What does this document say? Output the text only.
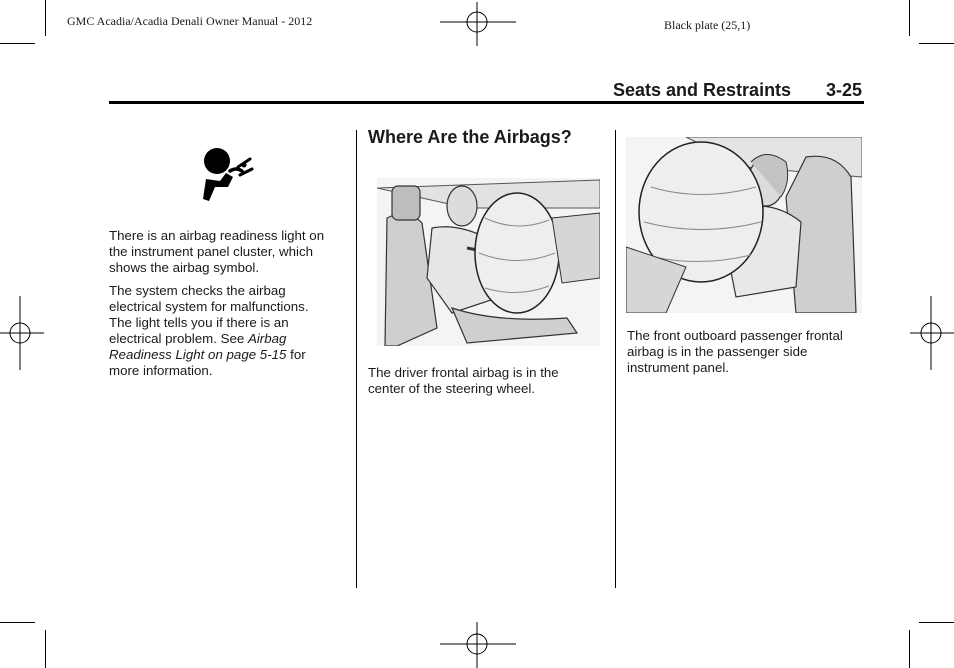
GMC Acadia/Acadia Denali Owner Manual - 2012	Black plate (25,1)
Seats and Restraints 3-25
There is an airbag readiness light on the instrument panel cluster, which shows the airbag symbol.
The system checks the airbag
electrical system for malfunctions.
The light tells you if there is an
electrical problem. See Airbag
Readiness Light on page 5-15 for
more information.
Where Are the Airbags?
The driver frontal airbag is in the center of the steering wheel.
The front outboard passenger frontal airbag is in the passenger side instrument panel.
